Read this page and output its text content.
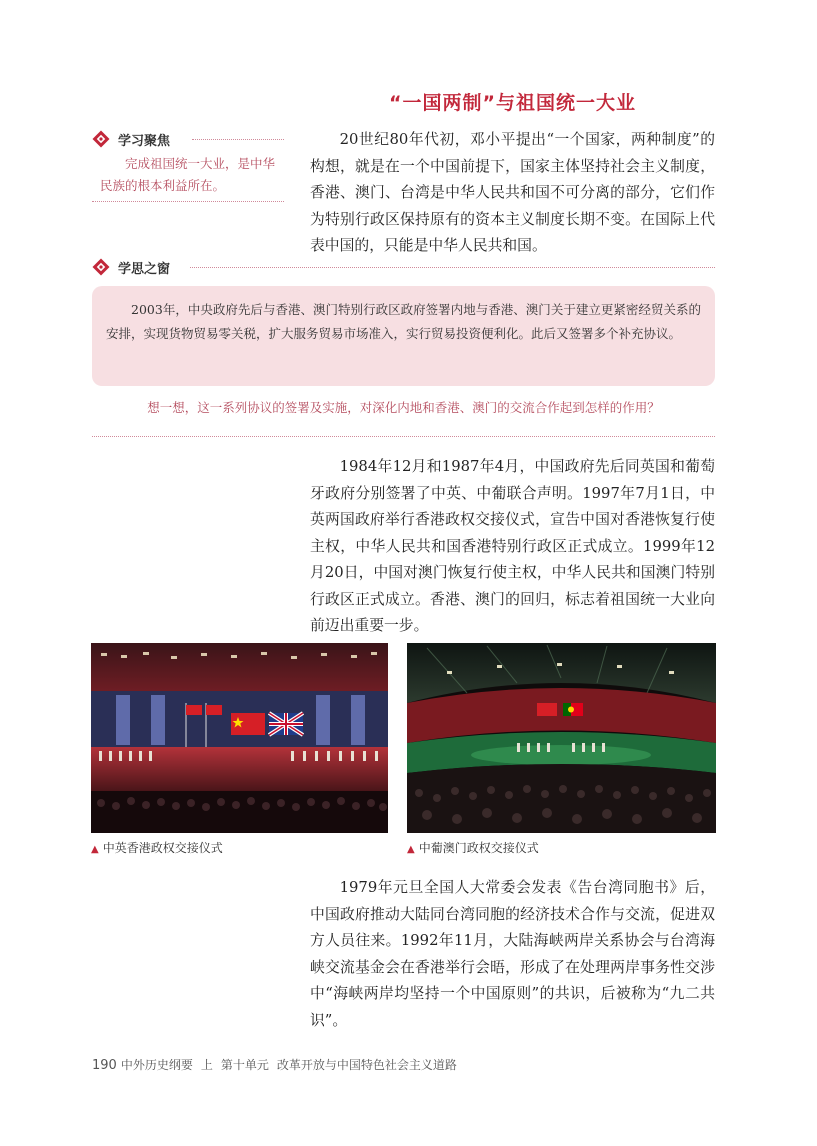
“一国两制”与祖国统一大业
学习聚焦
完成祖国统一大业，是中华民族的根本利益所在。

20世纪80年代初，邓小平提出“一个国家，两种制度”的构想，就是在一个中国前提下，国家主体坚持社会主义制度，香港、澳门、台湾是中华人民共和国不可分离的部分，它们作为特别行政区保持原有的资本主义制度长期不变。在国际上代表中国的，只能是中华人民共和国。

学思之窗
2003年，中央政府先后与香港、澳门特别行政区政府签署内地与香港、澳门关于建立更紧密经贸关系的安排，实现货物贸易零关税，扩大服务贸易市场准入，实行贸易投资便利化。此后又签署多个补充协议。
想一想，这一系列协议的签署及实施，对深化内地和香港、澳门的交流合作起到怎样的作用？

1984年12月和1987年4月，中国政府先后同英国和葡萄牙政府分别签署了中英、中葡联合声明。1997年7月1日，中英两国政府举行香港政权交接仪式，宣告中国对香港恢复行使主权，中华人民共和国香港特别行政区正式成立。1999年12月20日，中国对澳门恢复行使主权，中华人民共和国澳门特别行政区正式成立。香港、澳门的回归，标志着祖国统一大业向前迈出重要一步。

▲ 中英香港政权交接仪式	▲ 中葡澳门政权交接仪式

1979年元旦全国人大常委会发表《告台湾同胞书》后，中国政府推动大陆同台湾同胞的经济技术合作与交流，促进双方人员往来。1992年11月，大陆海峡两岸关系协会与台湾海峡交流基金会在香港举行会晤，形成了在处理两岸事务性交涉中“海峡两岸均坚持一个中国原则”的共识，后被称为“九二共识”。

190 中外历史纲要 上 第十单元 改革开放与中国特色社会主义道路
